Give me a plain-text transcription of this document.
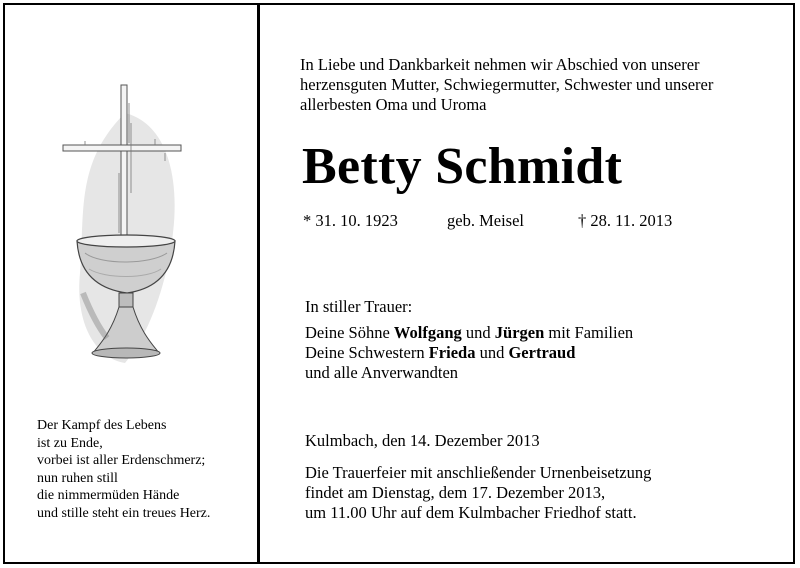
Der Kampf des Lebens
ist zu Ende,
vorbei ist aller Erdenschmerz;
nun ruhen still
die nimmermüden Hände
und stille steht ein treues Herz.
In Liebe und Dankbarkeit nehmen wir Abschied von unserer
herzensguten Mutter, Schwiegermutter, Schwester und unserer
allerbesten Oma und Uroma
Betty Schmidt
* 31. 10. 1923	geb. Meisel	† 28. 11. 2013
In stiller Trauer:
Deine Söhne Wolfgang und Jürgen mit Familien
Deine Schwestern Frieda und Gertraud
und alle Anverwandten
Kulmbach, den 14. Dezember 2013
Die Trauerfeier mit anschließender Urnenbeisetzung
findet am Dienstag, dem 17. Dezember 2013,
um 11.00 Uhr auf dem Kulmbacher Friedhof statt.
